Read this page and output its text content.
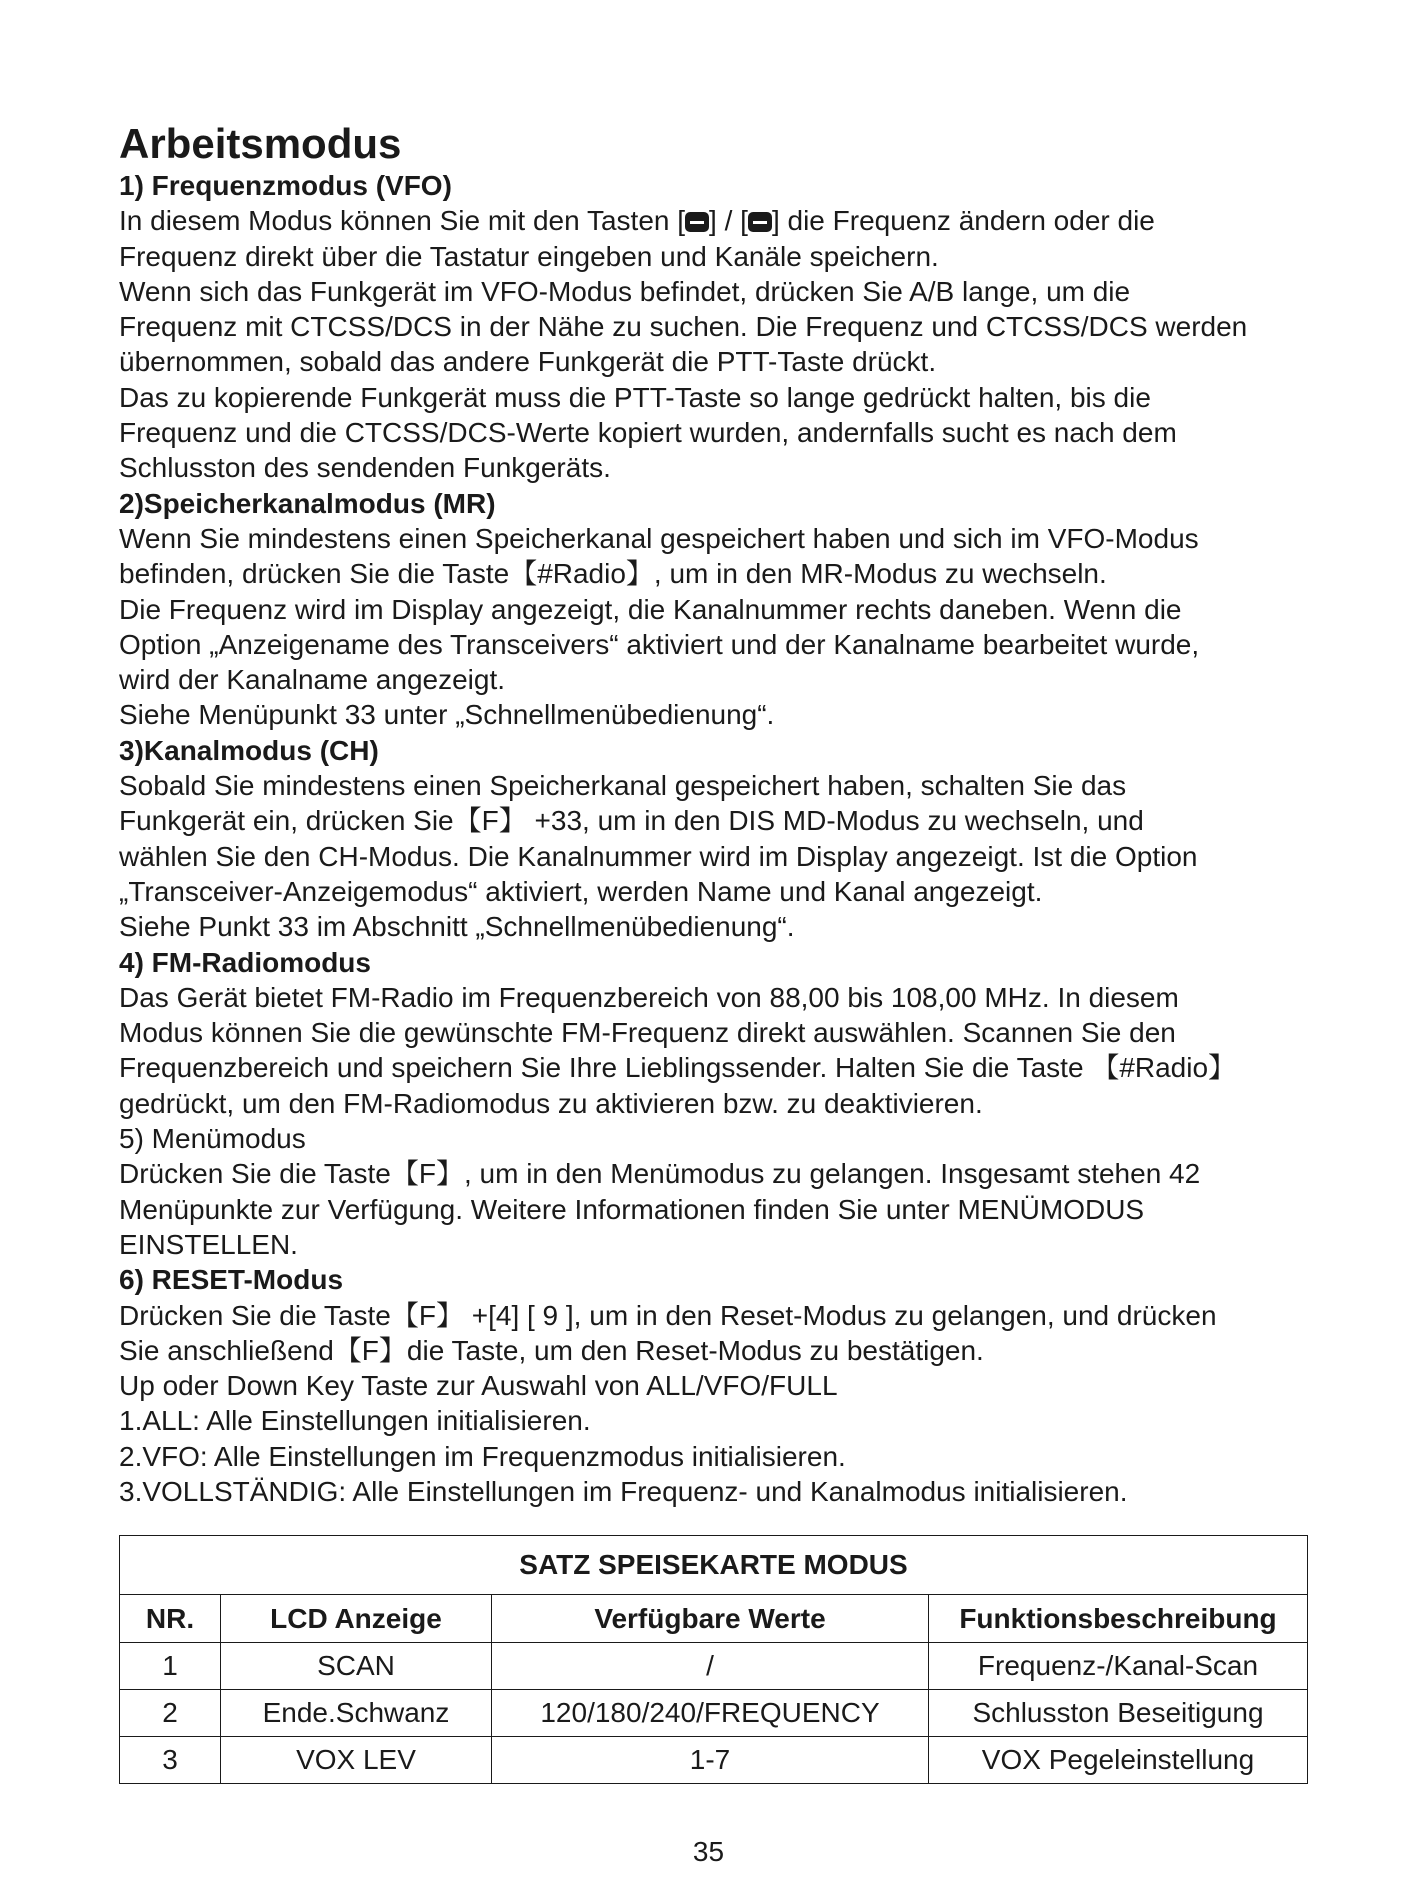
Arbeitsmodus

1) Frequenzmodus (VFO)

In diesem Modus können Sie mit den Tasten [ ] / [ ] die Frequenz ändern oder die

Frequenz direkt über die Tastatur eingeben und Kanäle speichern.

Wenn sich das Funkgerät im VFO-Modus befindet, drücken Sie A/B lange, um die

Frequenz mit CTCSS/DCS in der Nähe zu suchen. Die Frequenz und CTCSS/DCS werden

übernommen, sobald das andere Funkgerät die PTT-Taste drückt.

Das zu kopierende Funkgerät muss die PTT-Taste so lange gedrückt halten, bis die

Frequenz und die CTCSS/DCS-Werte kopiert wurden, andernfalls sucht es nach dem

Schlusston des sendenden Funkgeräts.

2)Speicherkanalmodus (MR)

Wenn Sie mindestens einen Speicherkanal gespeichert haben und sich im VFO-Modus

befinden, drücken Sie die Taste【#Radio】, um in den MR-Modus zu wechseln.

Die Frequenz wird im Display angezeigt, die Kanalnummer rechts daneben. Wenn die

Option „Anzeigename des Transceivers“ aktiviert und der Kanalname bearbeitet wurde,

wird der Kanalname angezeigt.

Siehe Menüpunkt 33 unter „Schnellmenübedienung“.

3)Kanalmodus (CH)

Sobald Sie mindestens einen Speicherkanal gespeichert haben, schalten Sie das

Funkgerät ein, drücken Sie【F】 +33, um in den DIS MD-Modus zu wechseln, und

wählen Sie den CH-Modus. Die Kanalnummer wird im Display angezeigt. Ist die Option

„Transceiver-Anzeigemodus“ aktiviert, werden Name und Kanal angezeigt.

Siehe Punkt 33 im Abschnitt „Schnellmenübedienung“.

4) FM-Radiomodus

Das Gerät bietet FM-Radio im Frequenzbereich von 88,00 bis 108,00 MHz. In diesem

Modus können Sie die gewünschte FM-Frequenz direkt auswählen. Scannen Sie den

Frequenzbereich und speichern Sie Ihre Lieblingssender. Halten Sie die Taste 【#Radio】

gedrückt, um den FM-Radiomodus zu aktivieren bzw. zu deaktivieren.

5) Menümodus

Drücken Sie die Taste【F】, um in den Menümodus zu gelangen. Insgesamt stehen 42

Menüpunkte zur Verfügung. Weitere Informationen finden Sie unter MENÜMODUS

EINSTELLEN.

6) RESET-Modus

Drücken Sie die Taste【F】 +[4] [ 9 ], um in den Reset-Modus zu gelangen, und drücken

Sie anschließend【F】die Taste, um den Reset-Modus zu bestätigen.

Up oder Down Key Taste zur Auswahl von ALL/VFO/FULL

1.ALL: Alle Einstellungen initialisieren.

2.VFO: Alle Einstellungen im Frequenzmodus initialisieren.

3.VOLLSTÄNDIG: Alle Einstellungen im Frequenz- und Kanalmodus initialisieren.

SATZ SPEISEKARTE MODUS			
NR.	LCD Anzeige	Verfügbare Werte	Funktionsbeschreibung
1	SCAN	/	Frequenz-/Kanal-Scan
2	Ende.Schwanz	120/180/240/FREQUENCY	Schlusston Beseitigung
3	VOX LEV	1-7	VOX Pegeleinstellung
35
